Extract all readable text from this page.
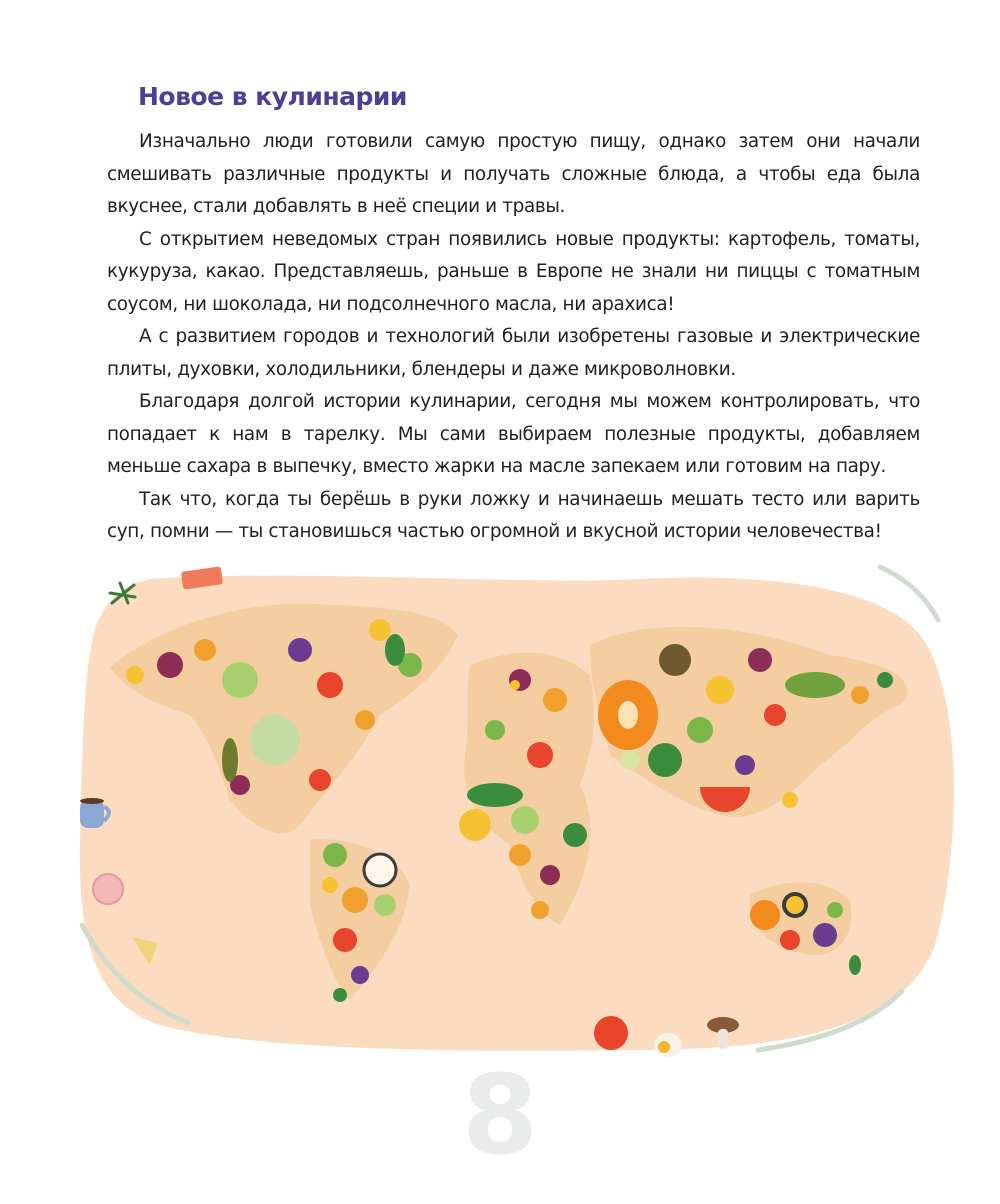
Новое в кулинарии

Изначально люди готовили самую простую пищу, однако затем они начали смешивать различные продукты и получать сложные блюда, а чтобы еда была вкуснее, стали добавлять в неё специи и травы.

С открытием неведомых стран появились новые продукты: картофель, томаты, кукуруза, какао. Представляешь, раньше в Европе не знали ни пиццы с томатным соусом, ни шоколада, ни подсолнечного масла, ни арахиса!

А с развитием городов и технологий были изобретены газовые и электрические плиты, духовки, холодильники, блендеры и даже микроволновки.

Благодаря долгой истории кулинарии, сегодня мы можем контролировать, что попадает к нам в тарелку. Мы сами выбираем полезные продукты, добавляем меньше сахара в выпечку, вместо жарки на масле запекаем или готовим на пару.

Так что, когда ты берёшь в руки ложку и начинаешь мешать тесто или варить суп, помни — ты становишься частью огромной и вкусной истории человечества!

8
